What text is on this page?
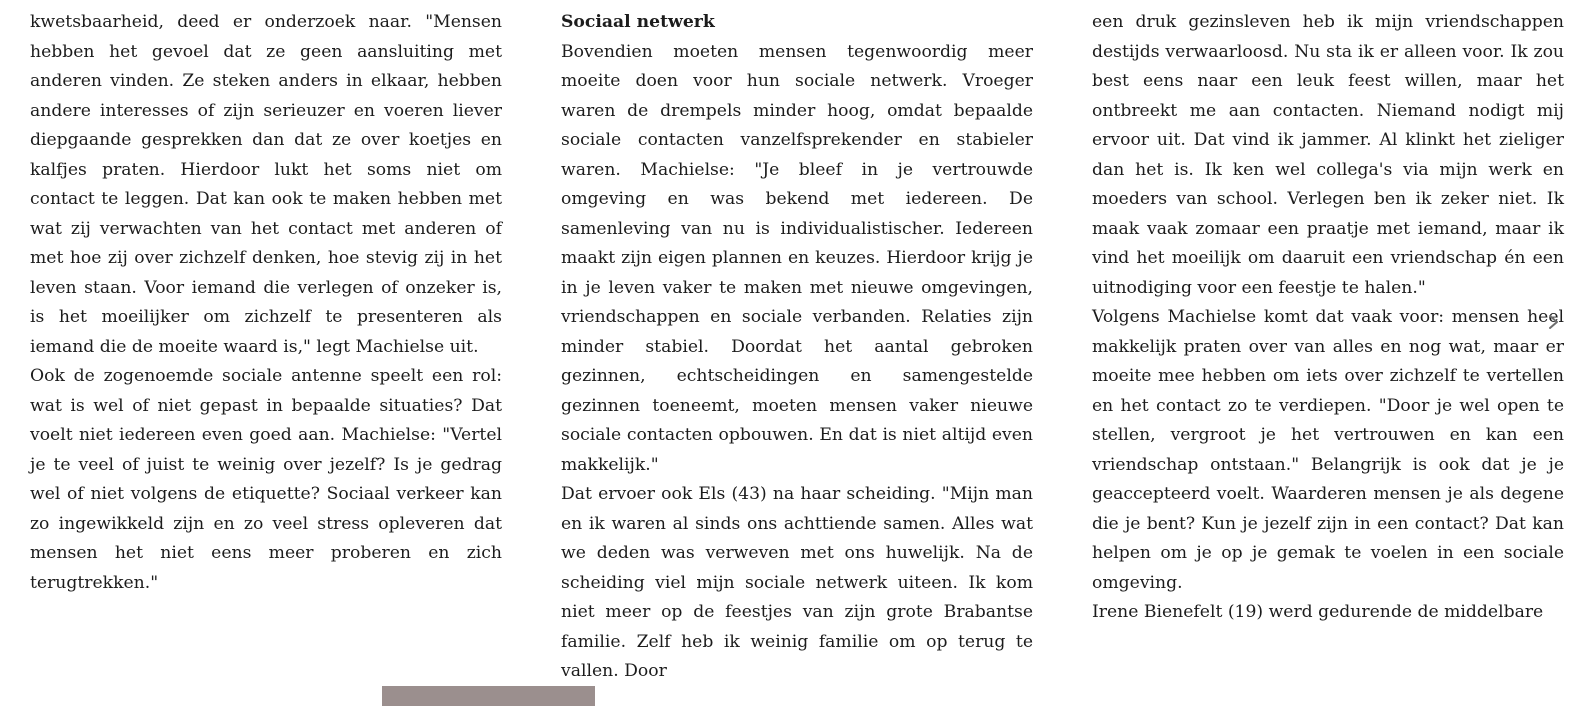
kwetsbaarheid, deed er onderzoek naar. "Mensen hebben het gevoel dat ze geen aansluiting met anderen vinden. Ze steken anders in elkaar, hebben andere interesses of zijn serieuzer en voeren liever diepgaande gesprekken dan dat ze over koetjes en kalfjes praten. Hierdoor lukt het soms niet om contact te leggen. Dat kan ook te maken hebben met wat zij verwachten van het contact met anderen of met hoe zij over zichzelf denken, hoe stevig zij in het leven staan. Voor iemand die verlegen of onzeker is, is het moeilijker om zichzelf te presenteren als iemand die de moeite waard is," legt Machielse uit.

Ook de zogenoemde sociale antenne speelt een rol: wat is wel of niet gepast in bepaalde situaties? Dat voelt niet iedereen even goed aan. Machielse: "Vertel je te veel of juist te weinig over jezelf? Is je gedrag wel of niet volgens de etiquette? Sociaal verkeer kan zo ingewikkeld zijn en zo veel stress opleveren dat mensen het niet eens meer proberen en zich terugtrekken."

Sociaal netwerk

Bovendien moeten mensen tegenwoordig meer moeite doen voor hun sociale netwerk. Vroeger waren de drempels minder hoog, omdat bepaalde sociale contacten vanzelfsprekender en stabieler waren. Machielse: "Je bleef in je vertrouwde omgeving en was bekend met iedereen. De samenleving van nu is individualistischer. Iedereen maakt zijn eigen plannen en keuzes. Hierdoor krijg je in je leven vaker te maken met nieuwe omgevingen, vriendschappen en sociale verbanden. Relaties zijn minder stabiel. Doordat het aantal gebroken gezinnen, echtscheidingen en samengestelde gezinnen toeneemt, moeten mensen vaker nieuwe sociale contacten opbouwen. En dat is niet altijd even makkelijk."

Dat ervoer ook Els (43) na haar scheiding. "Mijn man en ik waren al sinds ons achttiende samen. Alles wat we deden was verweven met ons huwelijk. Na de scheiding viel mijn sociale netwerk uiteen. Ik kom niet meer op de feestjes van zijn grote Brabantse familie. Zelf heb ik weinig familie om op terug te vallen. Door

een druk gezinsleven heb ik mijn vriendschappen destijds verwaarloosd. Nu sta ik er alleen voor. Ik zou best eens naar een leuk feest willen, maar het ontbreekt me aan contacten. Niemand nodigt mij ervoor uit. Dat vind ik jammer. Al klinkt het zieliger dan het is. Ik ken wel collega's via mijn werk en moeders van school. Verlegen ben ik zeker niet. Ik maak vaak zomaar een praatje met iemand, maar ik vind het moeilijk om daaruit een vriendschap én een uitnodiging voor een feestje te halen."

Volgens Machielse komt dat vaak voor: mensen heel makkelijk praten over van alles en nog wat, maar er moeite mee hebben om iets over zichzelf te vertellen en het contact zo te verdiepen. "Door je wel open te stellen, vergroot je het vertrouwen en kan een vriendschap ontstaan." Belangrijk is ook dat je je geaccepteerd voelt. Waarderen mensen je als degene die je bent? Kun je jezelf zijn in een contact? Dat kan helpen om je op je gemak te voelen in een sociale omgeving.

Irene Bienefelt (19) werd gedurende de middelbare
